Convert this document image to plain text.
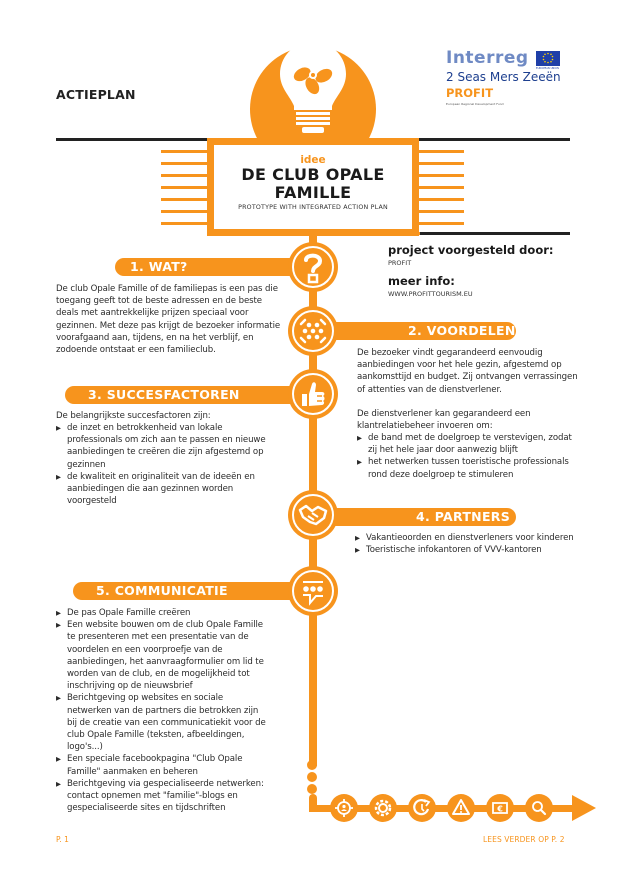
ACTIEPLAN
Interreg
EUROPEAN UNION
2 Seas Mers Zeeën
PROFIT
European Regional Development Fund
idee
DE CLUB OPALE
FAMILLE
PROTOTYPE WITH INTEGRATED ACTION PLAN
project voorgesteld door:
PROFIT
meer info:
WWW.PROFITTOURISM.EU
1. WAT?
De club Opale Famille of de familiepas is een pas die toegang geeft tot de beste adressen en de beste deals met aantrekkelijke prijzen speciaal voor gezinnen. Met deze pas krijgt de bezoeker informatie voorafgaand aan, tijdens, en na het verblijf, en zodoende ontstaat er een familieclub.
2. VOORDELEN
De bezoeker vindt gegarandeerd eenvoudig aanbiedingen voor het hele gezin, afgestemd op aankomsttijd en budget. Zij ontvangen verrassingen of attenties van de dienstverlener.
De dienstverlener kan gegarandeerd een klantrelatiebeheer invoeren om:
▶ de band met de doelgroep te verstevigen, zodat zij het hele jaar door aanwezig blijft
▶ het netwerken tussen toeristische professionals rond deze doelgroep te stimuleren
3. SUCCESFACTOREN
De belangrijkste succesfactoren zijn:
▶ de inzet en betrokkenheid van lokale professionals om zich aan te passen en nieuwe aanbiedingen te creëren die zijn afgestemd op gezinnen
▶ de kwaliteit en originaliteit van de ideeën en aanbiedingen die aan gezinnen worden voorgesteld
4. PARTNERS
▶ Vakantieoorden en dienstverleners voor kinderen
▶ Toeristische infokantoren of VVV-kantoren
5. COMMUNICATIE
▶ De pas Opale Famille creëren
▶ Een website bouwen om de club Opale Famille te presenteren met een presentatie van de voordelen en een voorproefje van de aanbiedingen, het aanvraagformulier om lid te worden van de club, en de mogelijkheid tot inschrijving op de nieuwsbrief
▶ Berichtgeving op websites en sociale netwerken van de partners die betrokken zijn bij de creatie van een communicatiekit voor de club Opale Famille (teksten, afbeeldingen, logo's...)
▶ Een speciale facebookpagina "Club Opale Famille" aanmaken en beheren
▶ Berichtgeving via gespecialiseerde netwerken: contact opnemen met "familie"-blogs en gespecialiseerde sites en tijdschriften	€
P. 1	LEES VERDER OP P. 2
